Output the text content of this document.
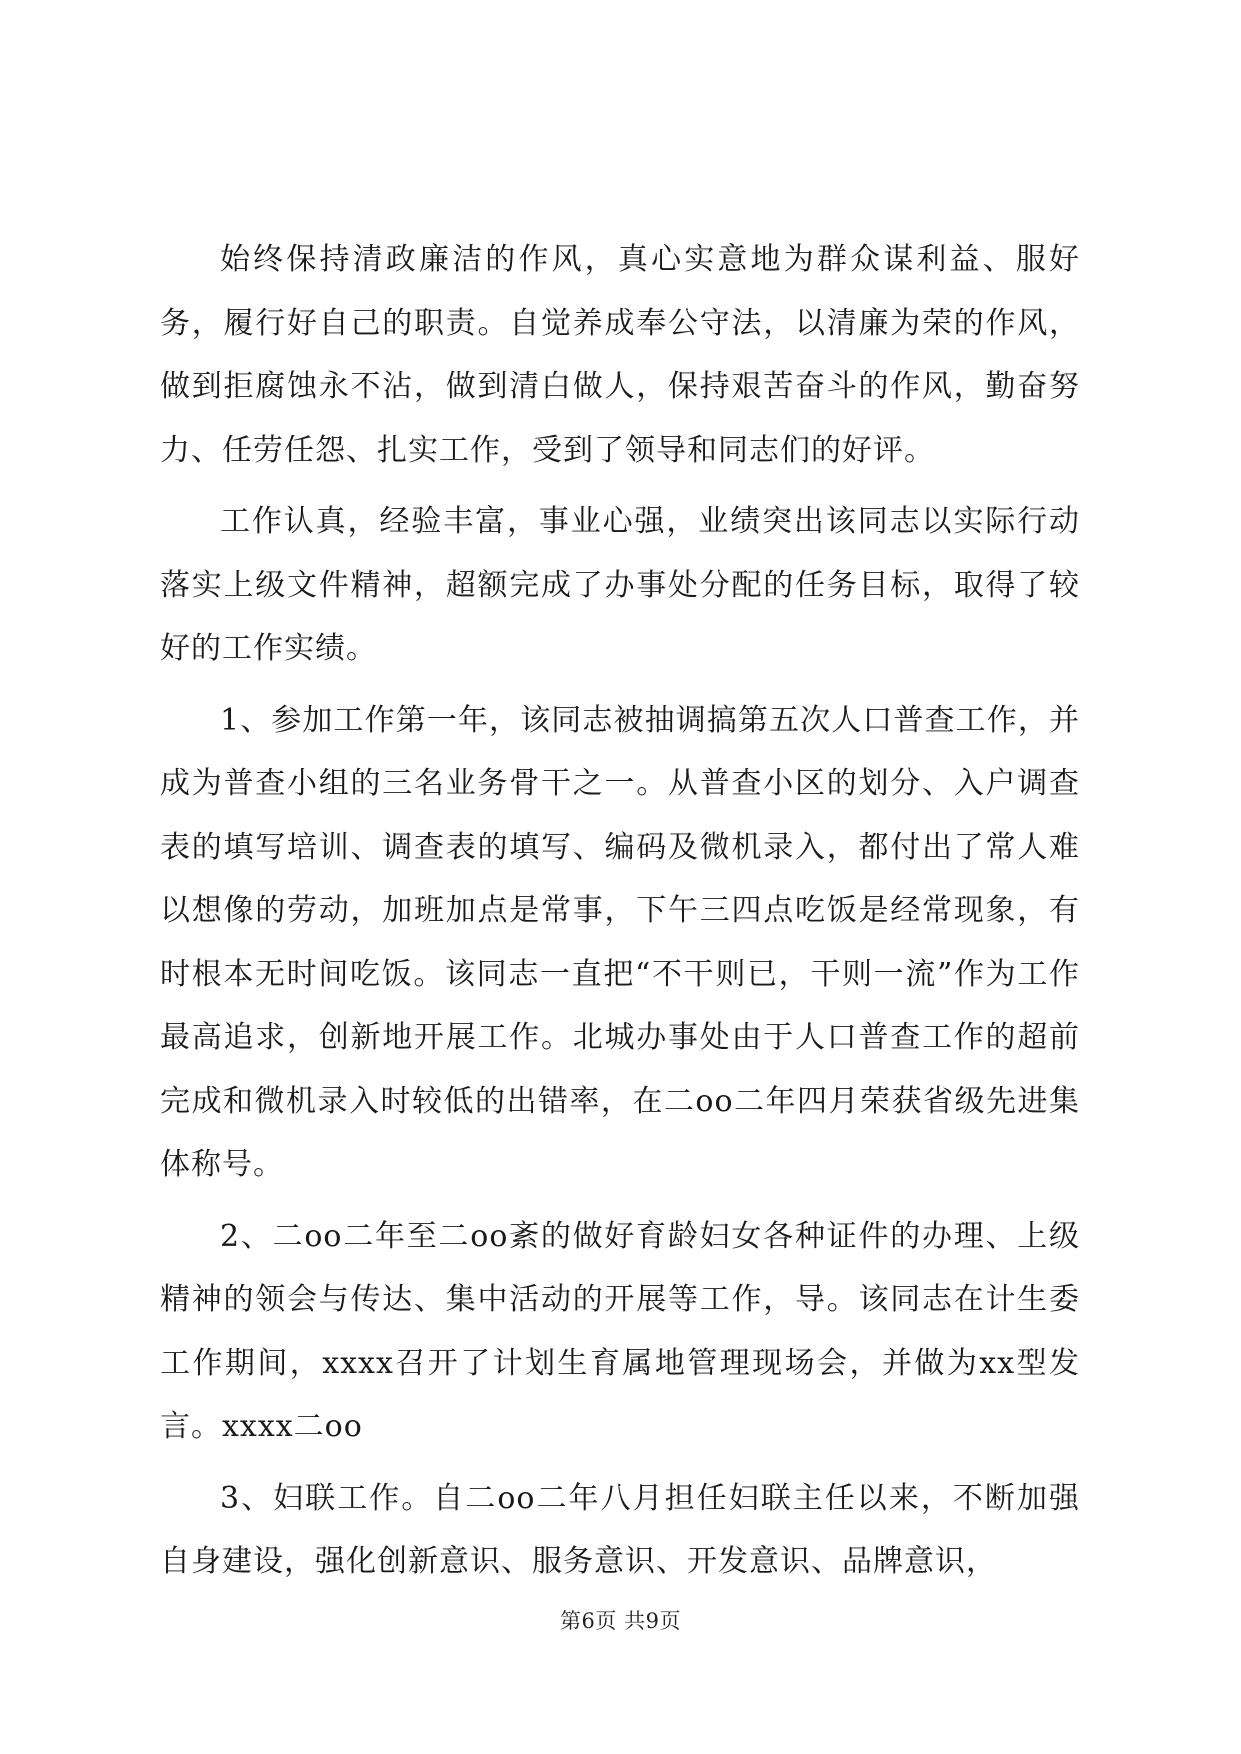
始终保持清政廉洁的作风，真心实意地为群众谋利益、服好务，履行好自己的职责。自觉养成奉公守法，以清廉为荣的作风，做到拒腐蚀永不沾，做到清白做人，保持艰苦奋斗的作风，勤奋努力、任劳任怨、扎实工作，受到了领导和同志们的好评。

工作认真，经验丰富，事业心强，业绩突出该同志以实际行动落实上级文件精神，超额完成了办事处分配的任务目标，取得了较好的工作实绩。

1、参加工作第一年，该同志被抽调搞第五次人口普查工作，并成为普查小组的三名业务骨干之一。从普查小区的划分、入户调查表的填写培训、调查表的填写、编码及微机录入，都付出了常人难以想像的劳动，加班加点是常事，下午三四点吃饭是经常现象，有时根本无时间吃饭。该同志一直把“不干则已，干则一流”作为工作最高追求，创新地开展工作。北城办事处由于人口普查工作的超前完成和微机录入时较低的出错率，在二oo二年四月荣获省级先进集体称号。

2、二oo二年至二oo紊的做好育龄妇女各种证件的办理、上级精神的领会与传达、集中活动的开展等工作，导。该同志在计生委工作期间，xxxx召开了计划生育属地管理现场会，并做为xx型发言。xxxx二oo

3、妇联工作。自二oo二年八月担任妇联主任以来，不断加强自身建设，强化创新意识、服务意识、开发意识、品牌意识，

第6页 共9页
